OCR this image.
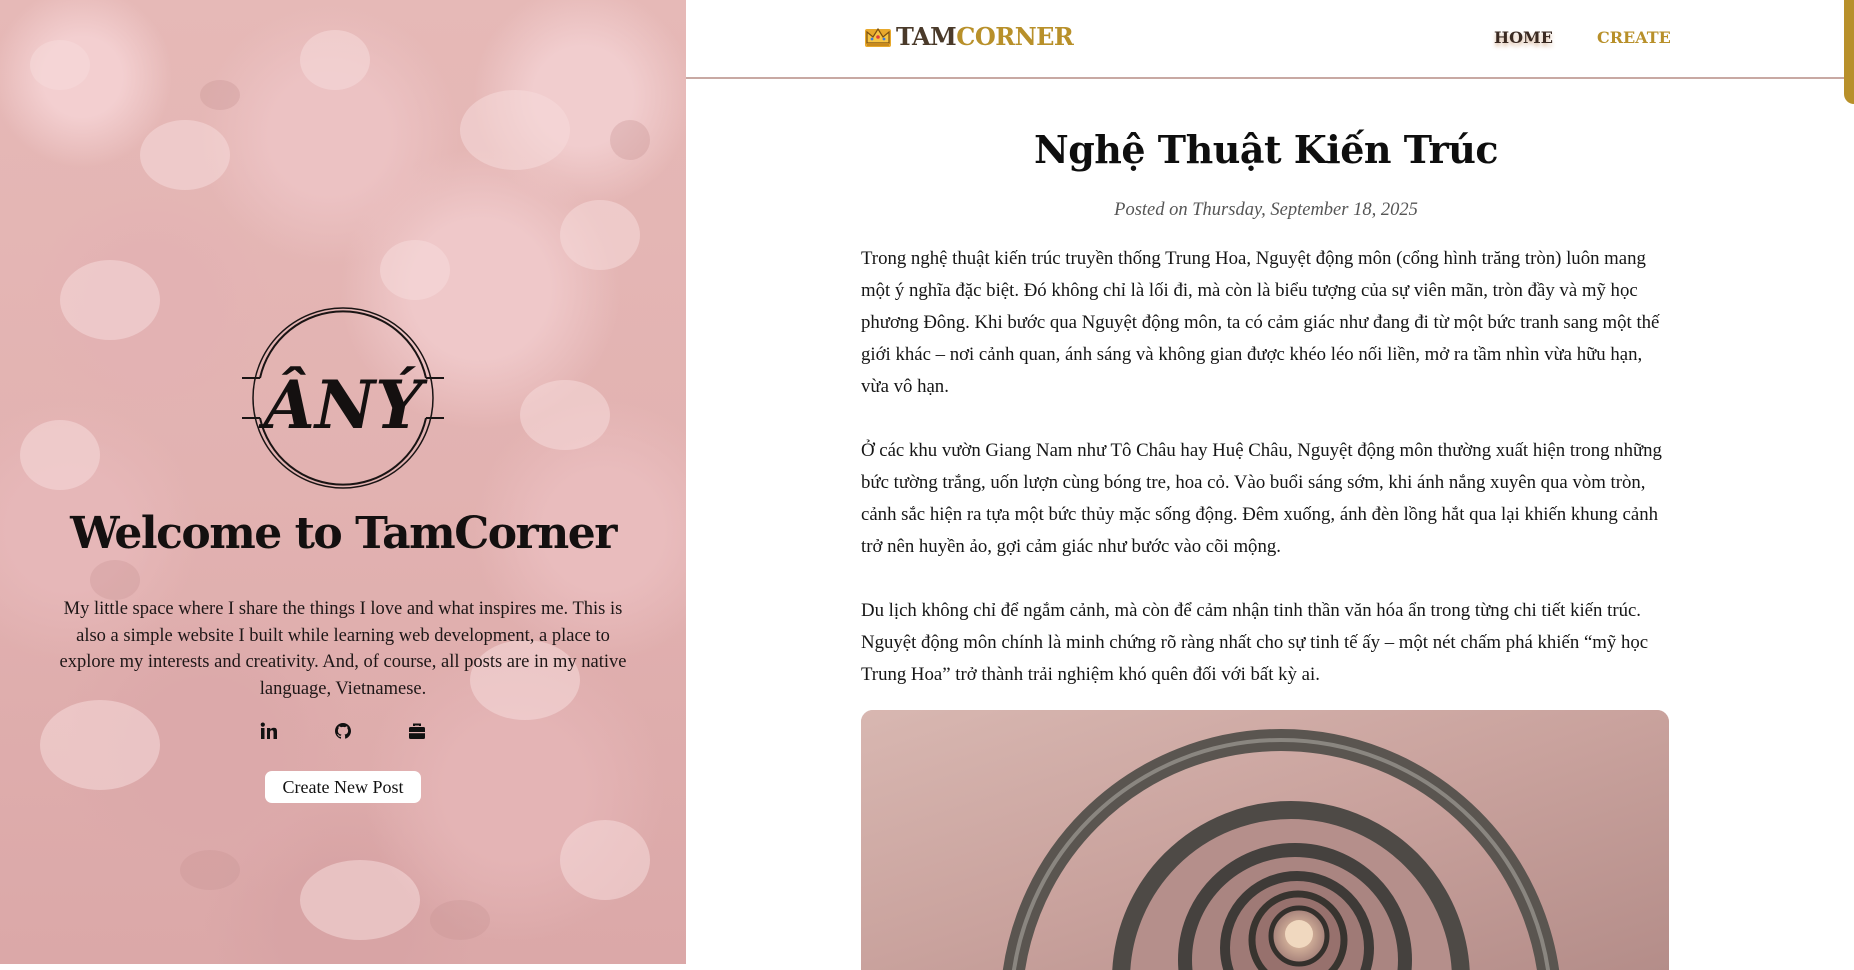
ÂNÝ
Welcome to TamCorner

My little space where I share the things I love and what inspires me. This is also a simple website I built while learning web development, a place to explore my interests and creativity. And, of course, all posts are in my native language, Vietnamese.

Create New Post
TAM CORNER	HOME	CREATE
Nghệ Thuật Kiến Trúc
Posted on Thursday, September 18, 2025

Trong nghệ thuật kiến trúc truyền thống Trung Hoa, Nguyệt động môn (cổng hình trăng tròn) luôn mang một ý nghĩa đặc biệt. Đó không chỉ là lối đi, mà còn là biểu tượng của sự viên mãn, tròn đầy và mỹ học phương Đông. Khi bước qua Nguyệt động môn, ta có cảm giác như đang đi từ một bức tranh sang một thế giới khác – nơi cảnh quan, ánh sáng và không gian được khéo léo nối liền, mở ra tầm nhìn vừa hữu hạn, vừa vô hạn.

Ở các khu vườn Giang Nam như Tô Châu hay Huệ Châu, Nguyệt động môn thường xuất hiện trong những bức tường trắng, uốn lượn cùng bóng tre, hoa cỏ. Vào buổi sáng sớm, khi ánh nắng xuyên qua vòm tròn, cảnh sắc hiện ra tựa một bức thủy mặc sống động. Đêm xuống, ánh đèn lồng hắt qua lại khiến khung cảnh trở nên huyền ảo, gợi cảm giác như bước vào cõi mộng.

Du lịch không chỉ để ngắm cảnh, mà còn để cảm nhận tinh thần văn hóa ẩn trong từng chi tiết kiến trúc. Nguyệt động môn chính là minh chứng rõ ràng nhất cho sự tinh tế ấy – một nét chấm phá khiến “mỹ học Trung Hoa” trở thành trải nghiệm khó quên đối với bất kỳ ai.
